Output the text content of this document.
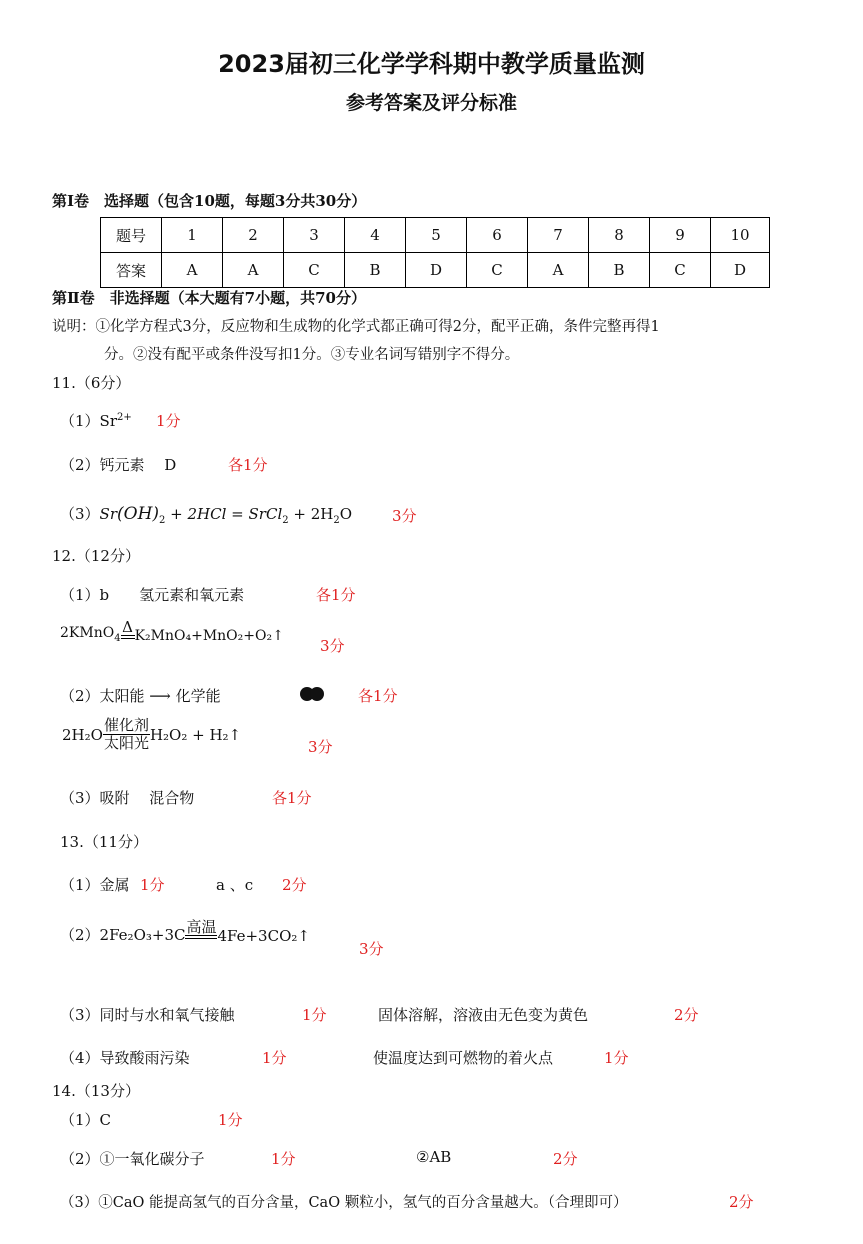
2023届初三化学学科期中教学质量监测
参考答案及评分标准
第Ⅰ卷　选择题（包含10题，每题3分共30分）
题号	1	2	3	4	5	6	7	8	9	10
答案	A	A	C	B	D	C	A	B	C	D
第Ⅱ卷　非选择题（本大题有7小题，共70分）
说明：①化学方程式3分，反应物和生成物的化学式都正确可得2分，配平正确，条件完整再得1
分。②没有配平或条件没写扣1分。③专业名词写错别字不得分。
11.（6分）
$(1)Sr^{2+}$ 1分
（2）钙元素　 D	各1分
$(3)Sr(OH)_2 + 2HCl$ = SrCl$_2$ + $2H_2O$	3分
12.（12分）
（1）b　　氢元素和氧元素	各1分
2KMnO$_4$
Δ K₂MnO₄+MnO₂+O₂↑
3分
（2）太阳能 ⟶ 化学能	各1分
$2H_2O \frac{\text{催化剂}}{\text{太阳光}} H_2O_2$ + H₂↑
3分
（3）吸附　 混合物	各1分
13.（11分）
（1）金属 1分	a 、c 2分
（2）2Fe₂O₃+3C 高温 4Fe+3CO₂↑
3分
（3）同时与水和氧气接触	1分	固体溶解，溶液由无色变为黄色	2分
（4）导致酸雨污染	1分	使温度达到可燃物的着火点	1分
14.（13分）
（1）C	1分
（2）①一氧化碳分子	1分	②AB	2分
（3）①CaO 能提高氢气的百分含量，CaO 颗粒小，氢气的百分含量越大。（合理即可）	2分
